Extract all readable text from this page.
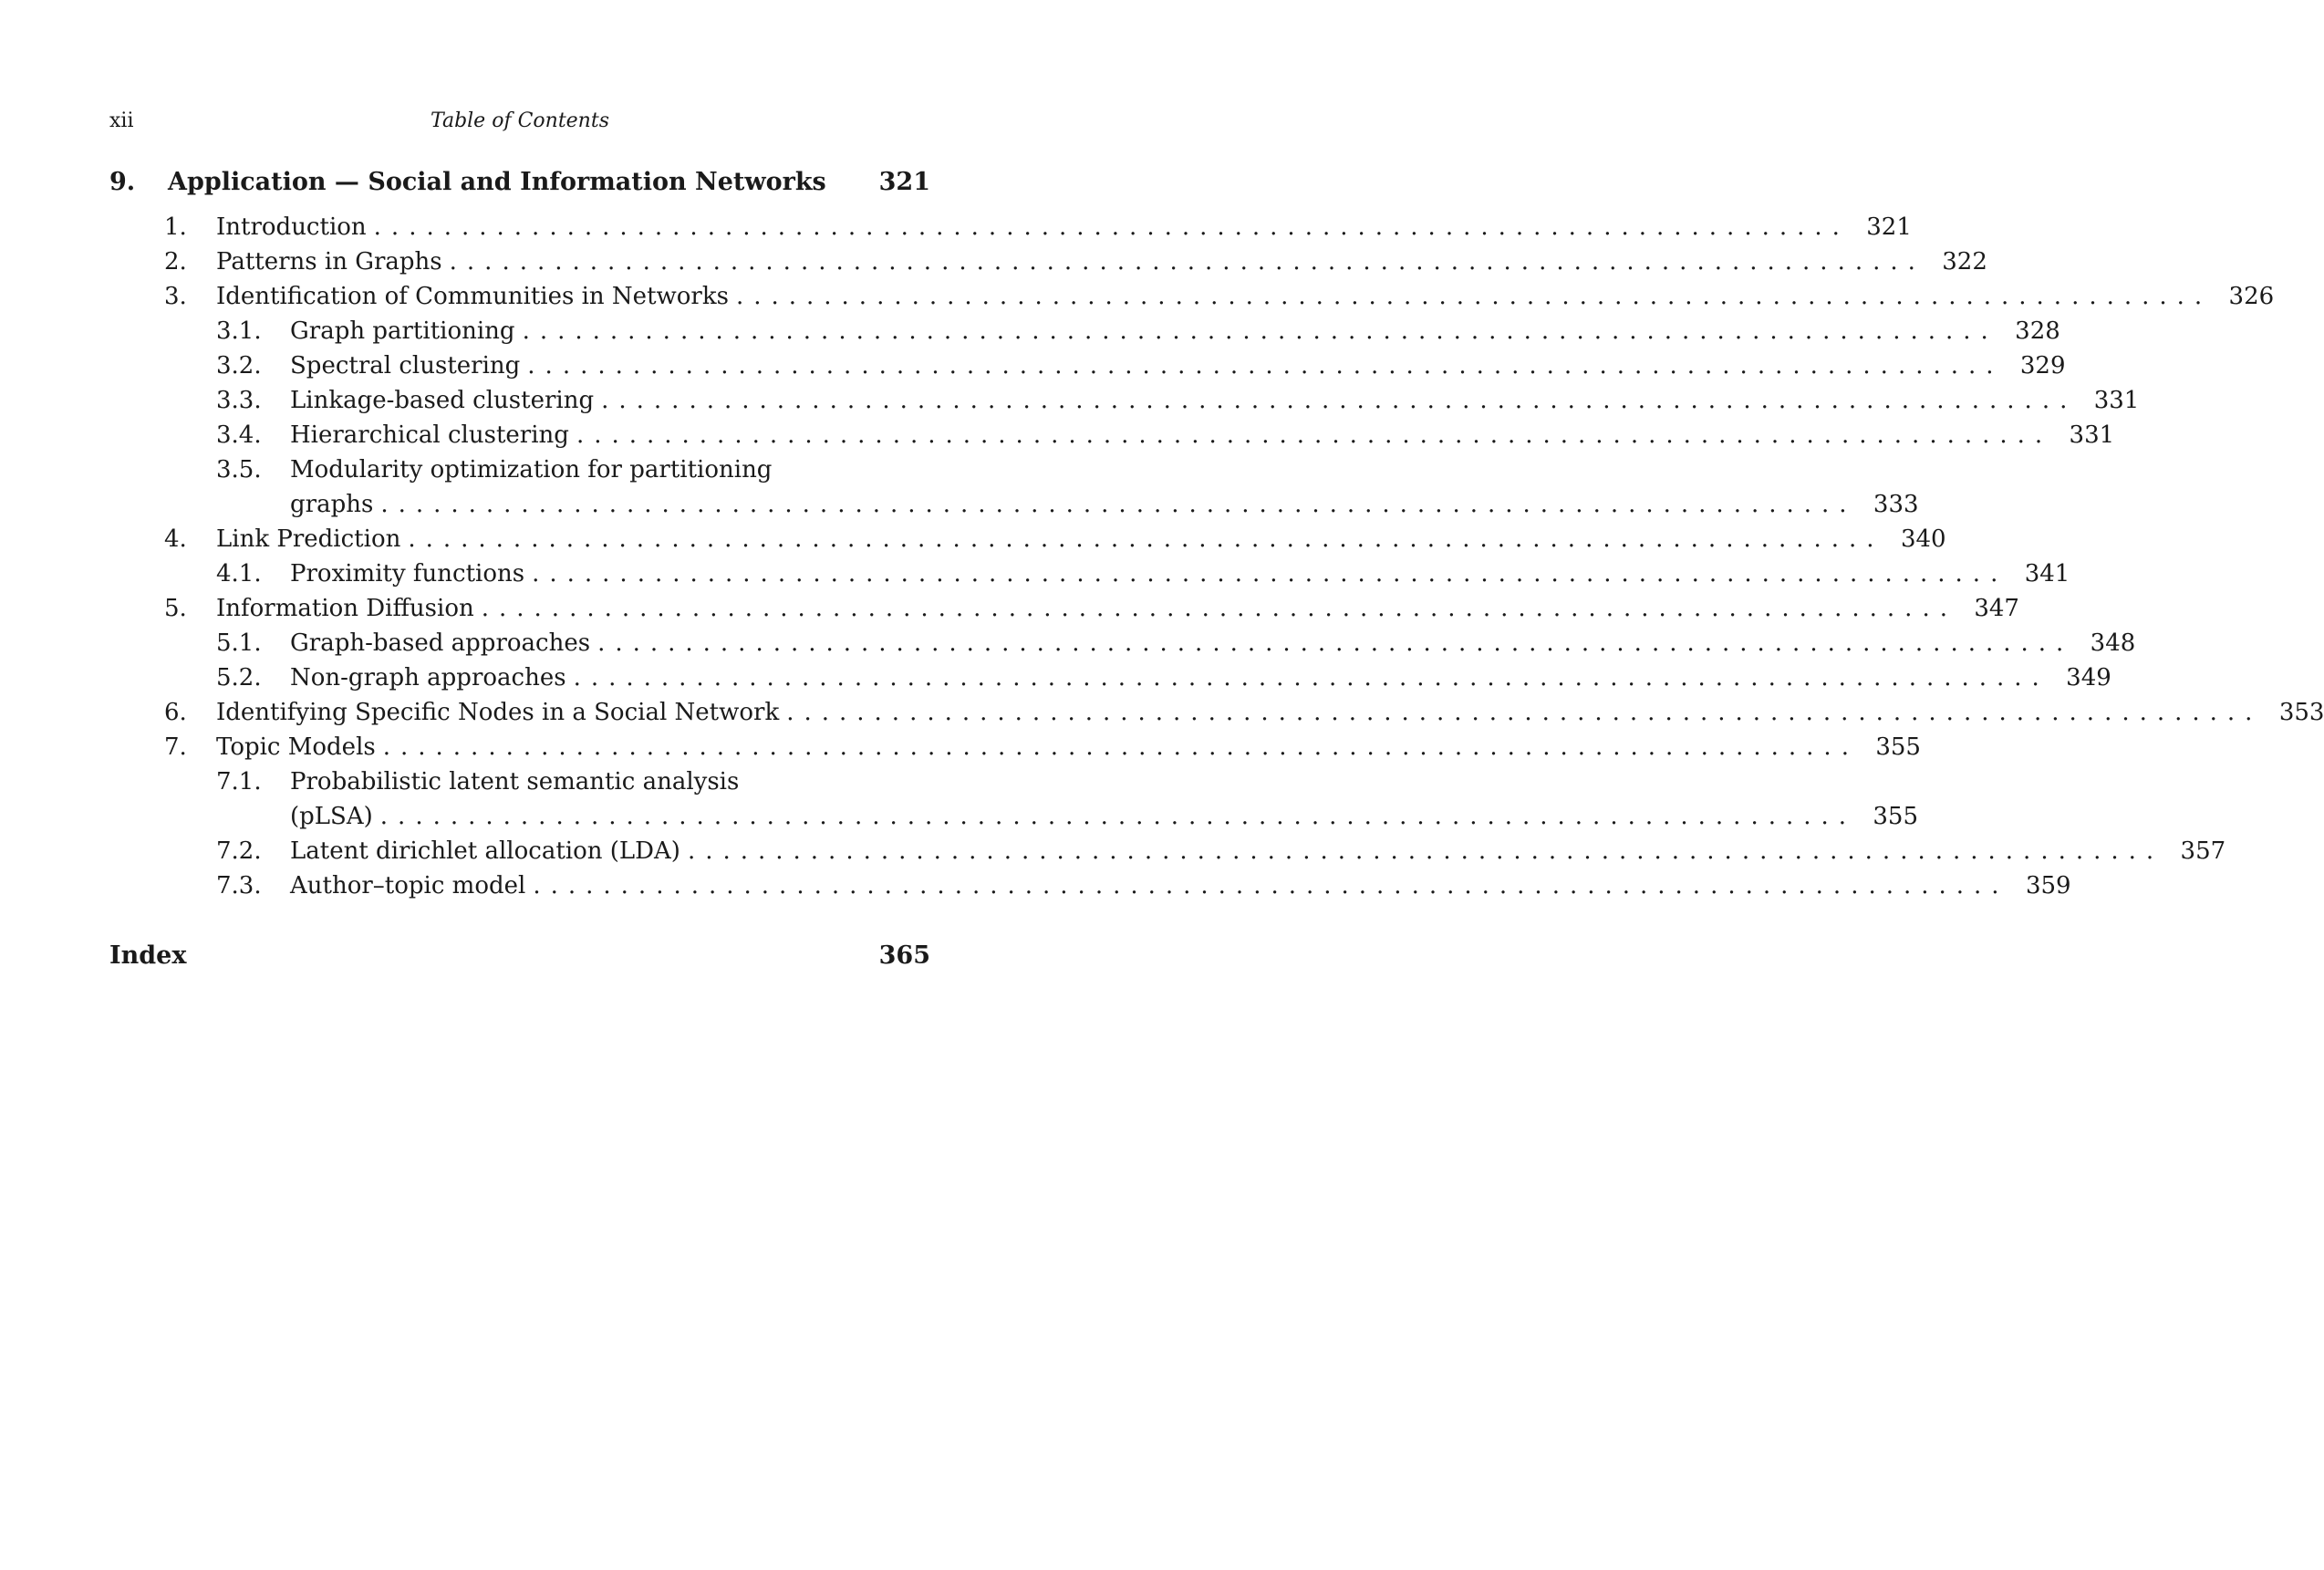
xii	Table of Contents
9. Application — Social and Information Networks 321
1. Introduction .................................................................................... 321
2. Patterns in Graphs .................................................................................... 322
3. Identification of Communities in Networks .................................................................................... 326
3.1. Graph partitioning .................................................................................... 328
3.2. Spectral clustering .................................................................................... 329
3.3. Linkage-based clustering .................................................................................... 331
3.4. Hierarchical clustering .................................................................................... 331
3.5. Modularity optimization for partitioning
graphs .................................................................................... 333
4. Link Prediction .................................................................................... 340
4.1. Proximity functions .................................................................................... 341
5. Information Diffusion .................................................................................... 347
5.1. Graph-based approaches .................................................................................... 348
5.2. Non-graph approaches .................................................................................... 349
6. Identifying Specific Nodes in a Social Network .................................................................................... 353
7. Topic Models .................................................................................... 355
7.1. Probabilistic latent semantic analysis
(pLSA) .................................................................................... 355
7.2. Latent dirichlet allocation (LDA) .................................................................................... 357
7.3. Author–topic model .................................................................................... 359
Index	365
